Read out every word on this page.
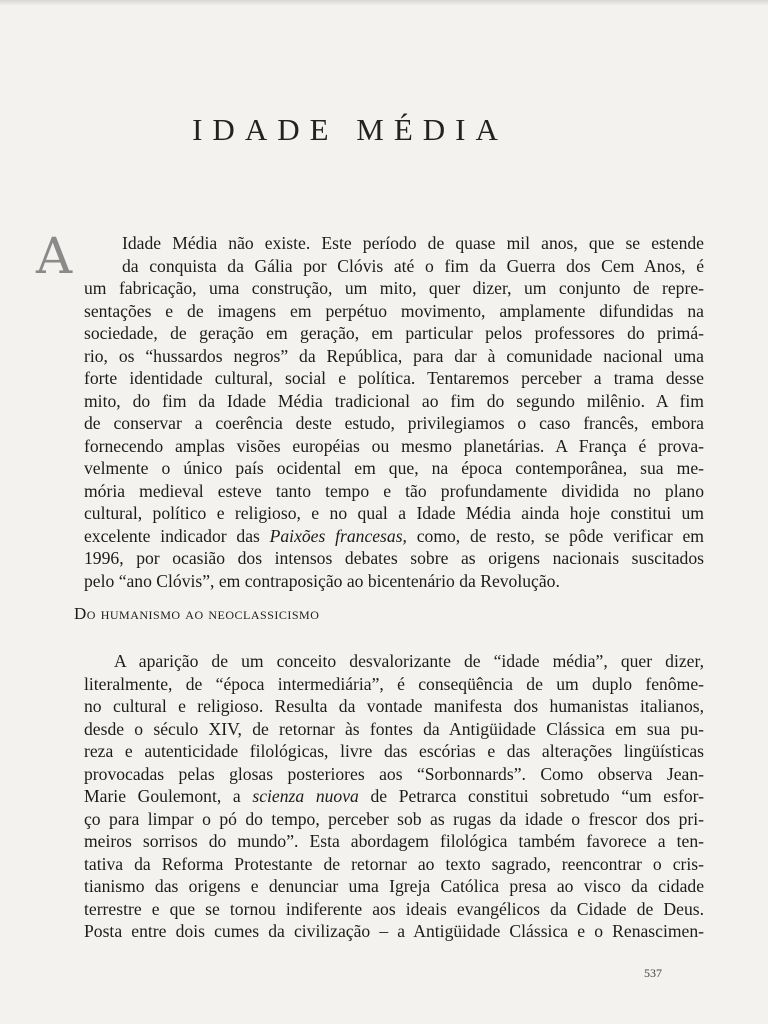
IDADE MÉDIA
A	Idade Média não existe. Este período de quase mil anos, que se estende
da conquista da Gália por Clóvis até o fim da Guerra dos Cem Anos, é
um fabricação, uma construção, um mito, quer dizer, um conjunto de repre-
sentações e de imagens em perpétuo movimento, amplamente difundidas na
sociedade, de geração em geração, em particular pelos professores do primá-
rio, os “hussardos negros” da República, para dar à comunidade nacional uma
forte identidade cultural, social e política. Tentaremos perceber a trama desse
mito, do fim da Idade Média tradicional ao fim do segundo milênio. A fim
de conservar a coerência deste estudo, privilegiamos o caso francês, embora
fornecendo amplas visões européias ou mesmo planetárias. A França é prova-
velmente o único país ocidental em que, na época contemporânea, sua me-
mória medieval esteve tanto tempo e tão profundamente dividida no plano
cultural, político e religioso, e no qual a Idade Média ainda hoje constitui um
excelente indicador das Paixões francesas, como, de resto, se pôde verificar em
1996, por ocasião dos intensos debates sobre as origens nacionais suscitados
pelo “ano Clóvis”, em contraposição ao bicentenário da Revolução.
Do humanismo ao neoclassicismo
A aparição de um conceito desvalorizante de “idade média”, quer dizer,
literalmente, de “época intermediária”, é conseqüência de um duplo fenôme-
no cultural e religioso. Resulta da vontade manifesta dos humanistas italianos,
desde o século XIV, de retornar às fontes da Antigüidade Clássica em sua pu-
reza e autenticidade filológicas, livre das escórias e das alterações lingüísticas
provocadas pelas glosas posteriores aos “Sorbonnards”. Como observa Jean-
Marie Goulemont, a scienza nuova de Petrarca constitui sobretudo “um esfor-
ço para limpar o pó do tempo, perceber sob as rugas da idade o frescor dos pri-
meiros sorrisos do mundo”. Esta abordagem filológica também favorece a ten-
tativa da Reforma Protestante de retornar ao texto sagrado, reencontrar o cris-
tianismo das origens e denunciar uma Igreja Católica presa ao visco da cidade
terrestre e que se tornou indiferente aos ideais evangélicos da Cidade de Deus.
Posta entre dois cumes da civilização – a Antigüidade Clássica e o Renascimen-
537
